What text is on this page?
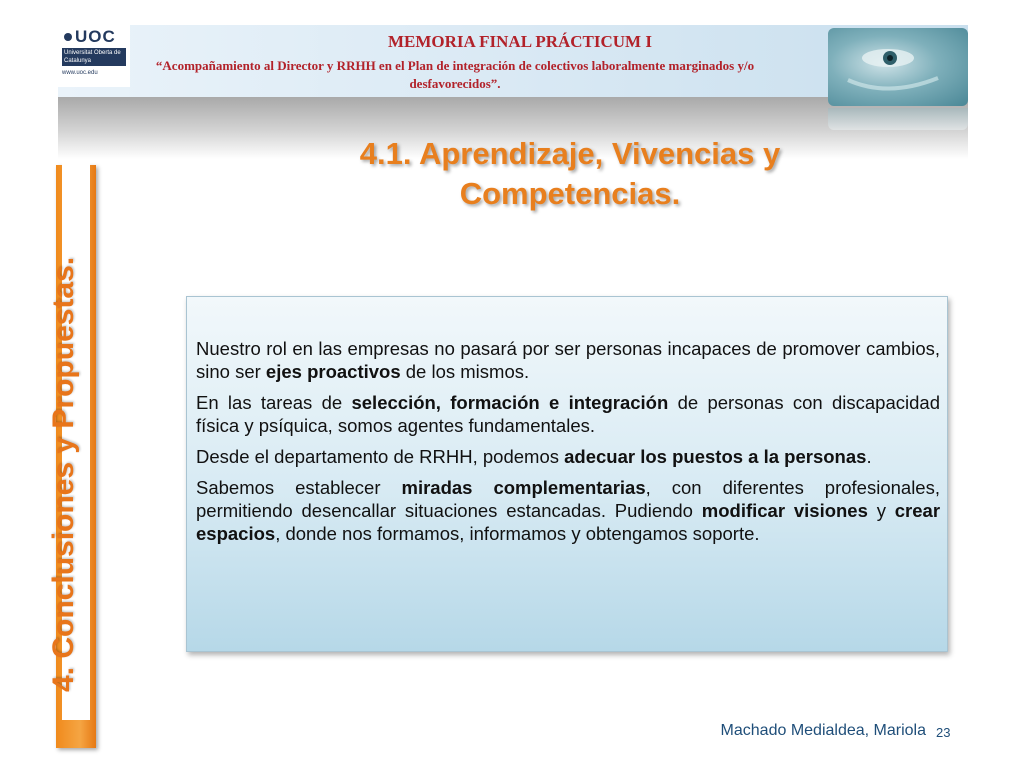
UOC
Universitat Oberta de Catalunya
www.uoc.edu
MEMORIA FINAL PRÁCTICUM I
“Acompañamiento al Director y RRHH en el Plan de integración de colectivos laboralmente marginados y/o desfavorecidos”.
4.1. Aprendizaje, Vivencias y Competencias.
4. Conclusiones y Propuestas.	Nuestro rol en las empresas no pasará por ser personas incapaces de promover cambios, sino ser ejes proactivos de los mismos.

En las tareas de selección, formación e integración de personas con discapacidad física y psíquica, somos agentes fundamentales.

Desde el departamento de RRHH, podemos adecuar los puestos a la personas.

Sabemos establecer miradas complementarias, con diferentes profesionales, permitiendo desencallar situaciones estancadas. Pudiendo modificar visiones y crear espacios, donde nos formamos, informamos y obtengamos soporte.

Machado Medialdea, Mariola 23
